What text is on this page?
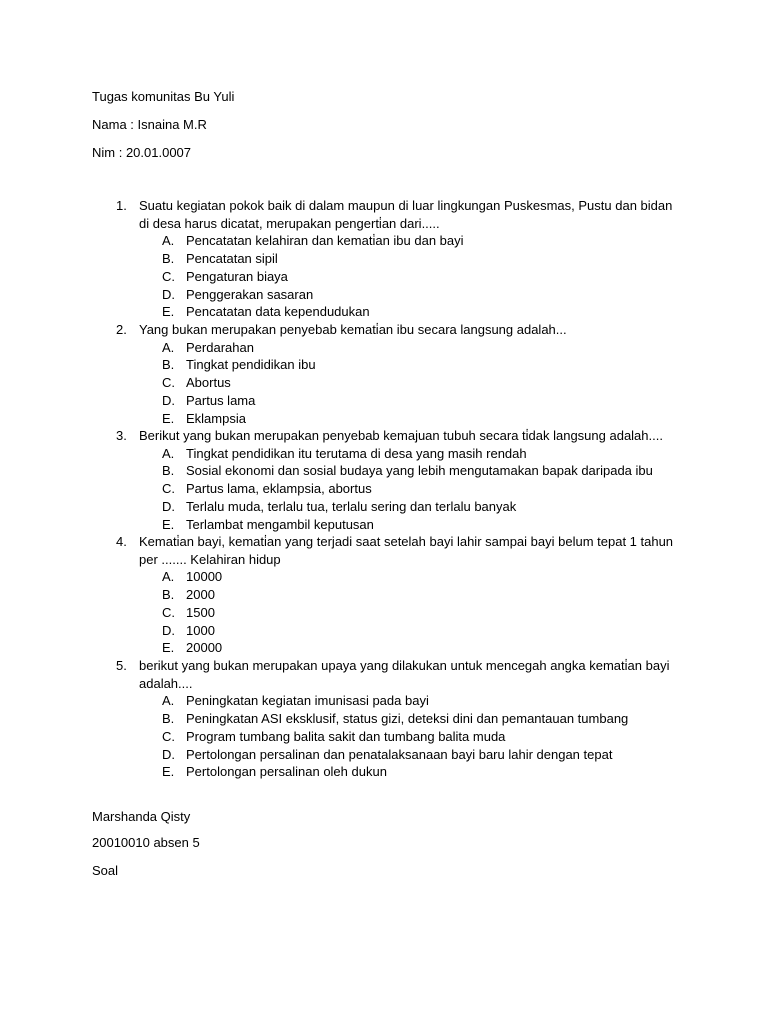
Tugas komunitas Bu Yuli
Nama : Isnaina M.R
Nim : 20.01.0007
1. Suatu kegiatan pokok baik di dalam maupun di luar lingkungan Puskesmas, Pustu dan bidan di desa harus dicatat, merupakan pengerti̇an dari.....
A. Pencatatan kelahiran dan kemati̇an ibu dan bayi
B. Pencatatan sipil
C. Pengaturan biaya
D. Penggerakan sasaran
E. Pencatatan data kependudukan
2. Yang bukan merupakan penyebab kemati̇an ibu secara langsung adalah...
A. Perdarahan
B. Tingkat pendidikan ibu
C. Abortus
D. Partus lama
E. Eklampsia
3. Berikut yang bukan merupakan penyebab kemajuan tubuh secara ti̇dak langsung adalah....
A. Tingkat pendidikan itu terutama di desa yang masih rendah
B. Sosial ekonomi dan sosial budaya yang lebih mengutamakan bapak daripada ibu
C. Partus lama, eklampsia, abortus
D. Terlalu muda, terlalu tua, terlalu sering dan terlalu banyak
E. Terlambat mengambil keputusan
4. Kemati̇an bayi, kemati̇an yang terjadi saat setelah bayi lahir sampai bayi belum tepat 1 tahun per ....... Kelahiran hidup
A. 10000
B. 2000
C. 1500
D. 1000
E. 20000
5. berikut yang bukan merupakan upaya yang dilakukan untuk mencegah angka kemati̇an bayi adalah....
A. Peningkatan kegiatan imunisasi pada bayi
B. Peningkatan ASI eksklusif, status gizi, deteksi dini dan pemantauan tumbang
C. Program tumbang balita sakit dan tumbang balita muda
D. Pertolongan persalinan dan penatalaksanaan bayi baru lahir dengan tepat
E. Pertolongan persalinan oleh dukun
Marshanda Qisty
20010010 absen 5
Soal
